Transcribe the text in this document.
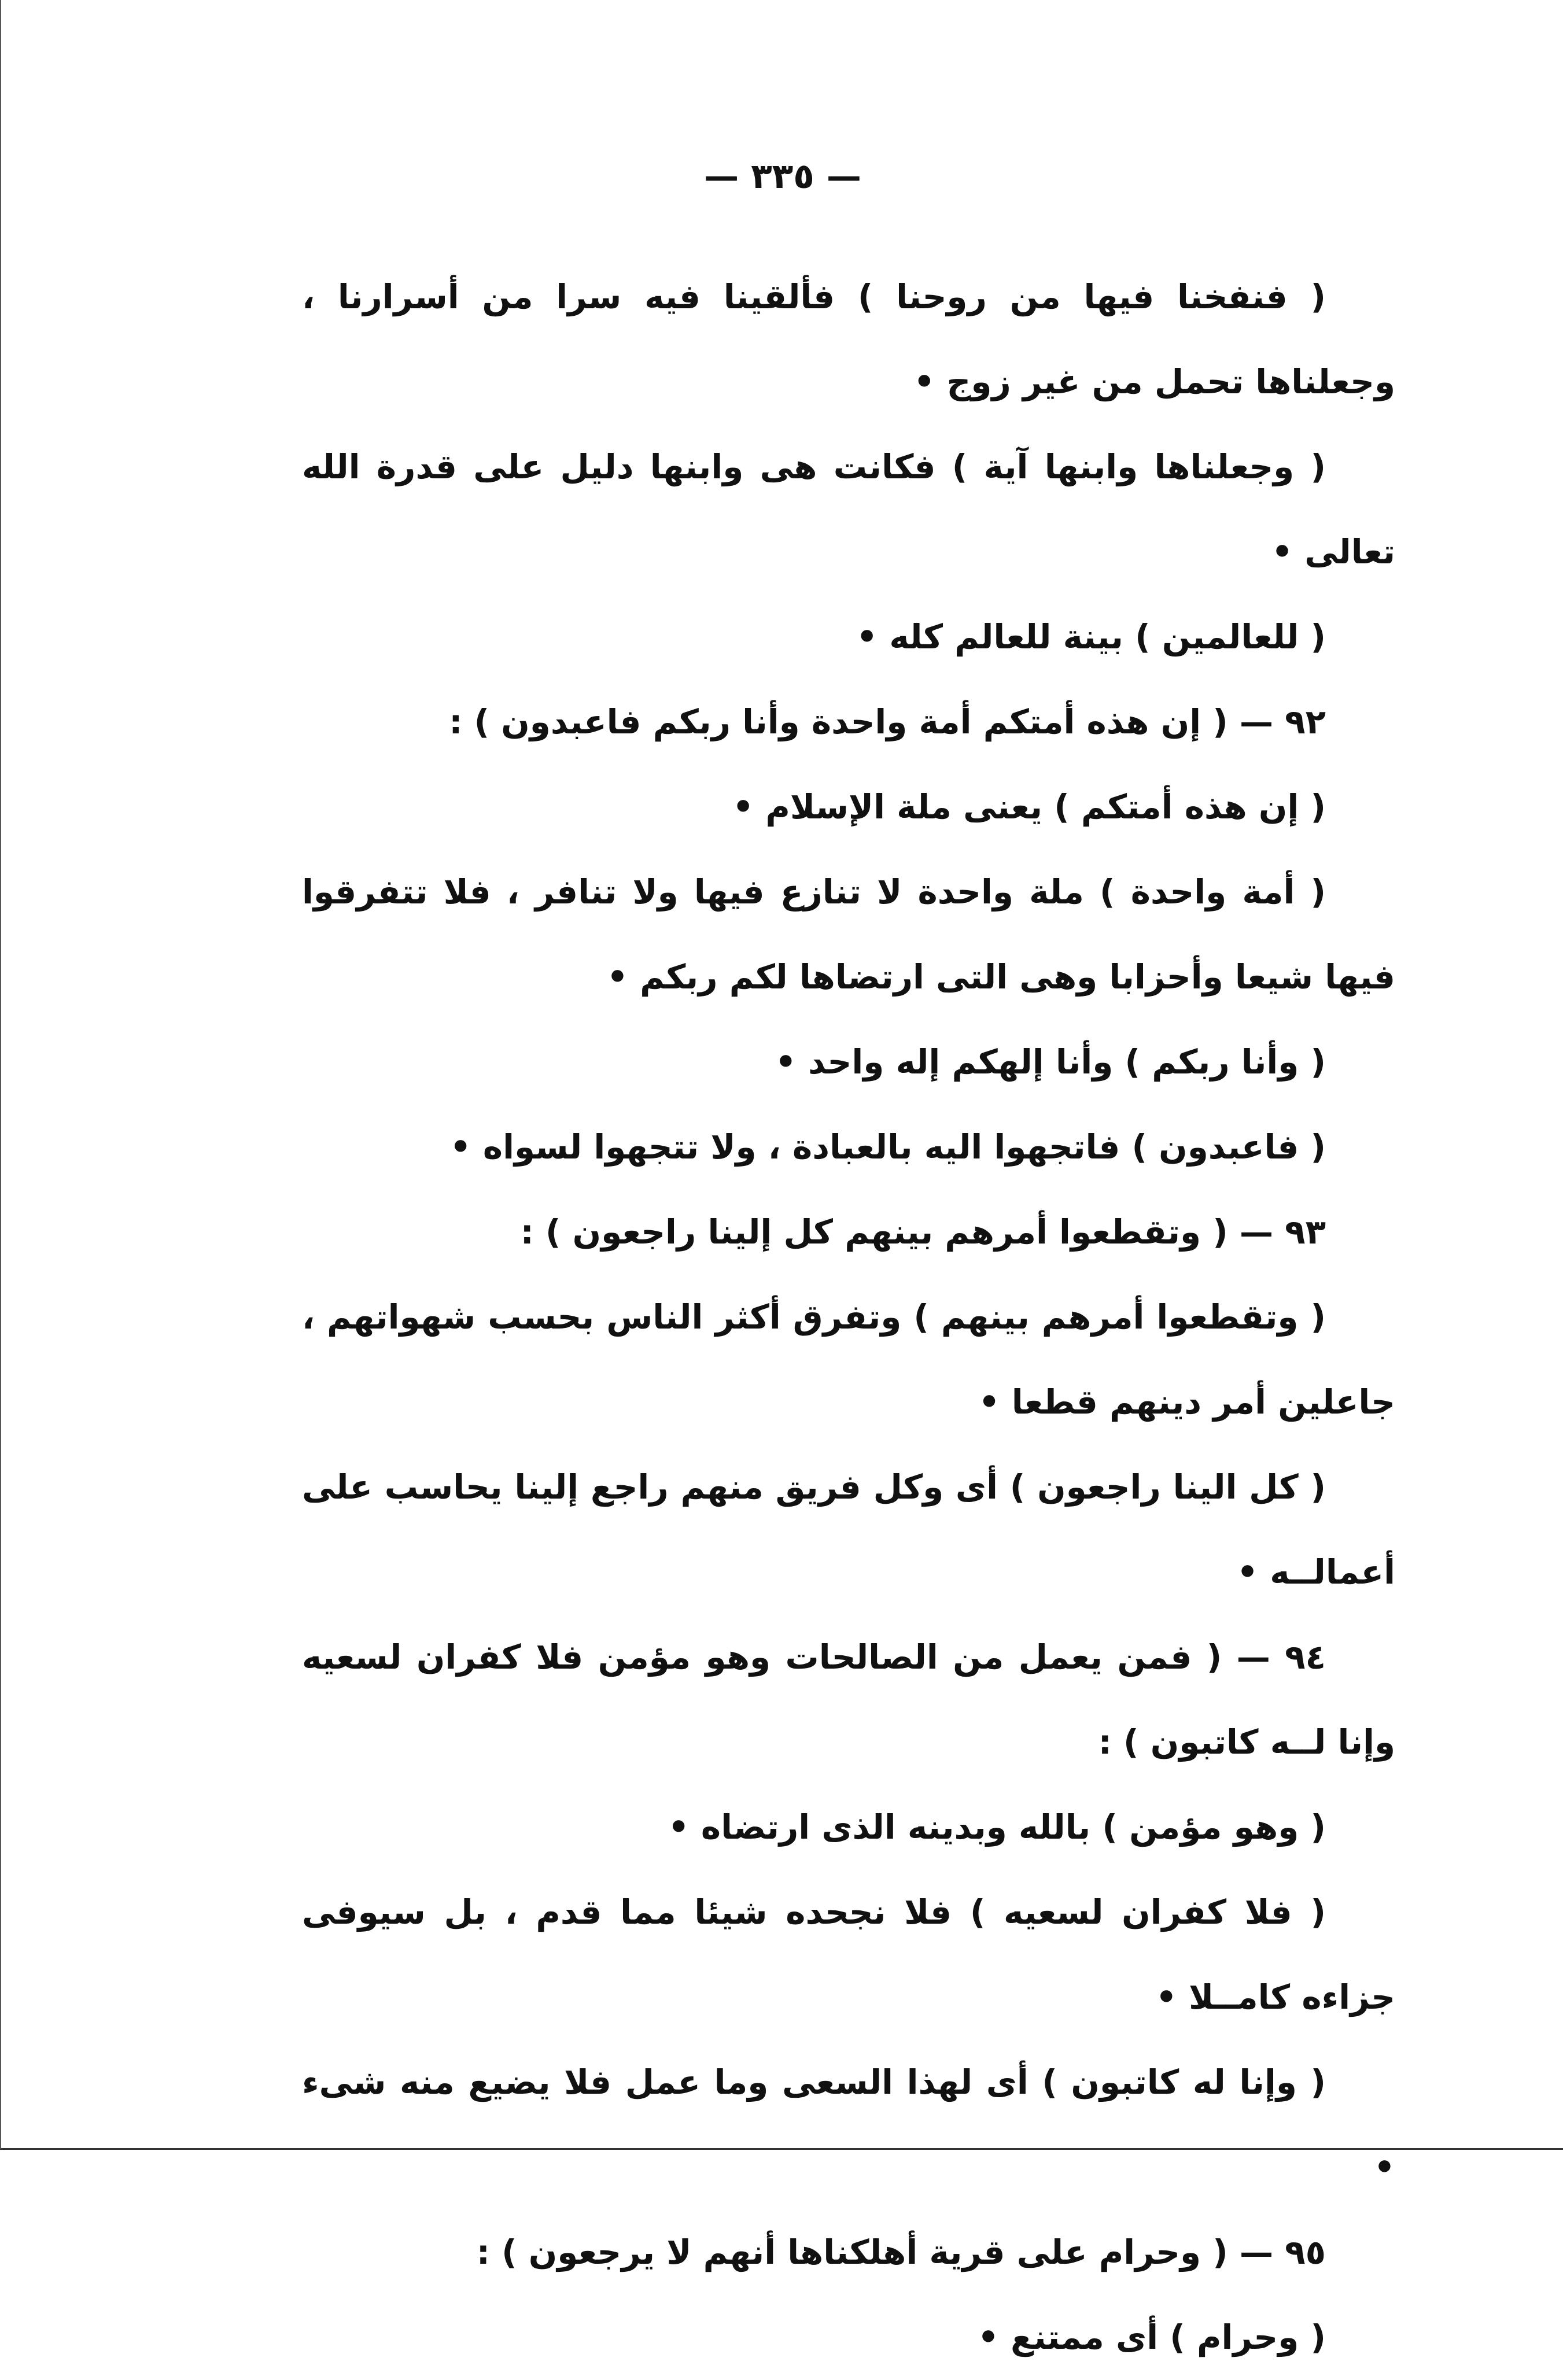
— ٣٣٥ —

( فنفخنا فيها من روحنا ) فألقينا فيه سرا من أسرارنا ، وجعلناها تحمل من غير زوج •

( وجعلناها وابنها آية ) فكانت هى وابنها دليل على قدرة الله تعالى •

( للعالمين ) بينة للعالم كله •

٩٢ — ( إن هذه أمتكم أمة واحدة وأنا ربكم فاعبدون ) :

( إن هذه أمتكم ) يعنى ملة الإسلام •

( أمة واحدة ) ملة واحدة لا تنازع فيها ولا تنافر ، فلا تتفرقوا فيها شيعا وأحزابا وهى التى ارتضاها لكم ربكم •

( وأنا ربكم ) وأنا إلهكم إله واحد •

( فاعبدون ) فاتجهوا اليه بالعبادة ، ولا تتجهوا لسواه •

٩٣ — ( وتقطعوا أمرهم بينهم كل إلينا راجعون ) :

( وتقطعوا أمرهم بينهم ) وتفرق أكثر الناس بحسب شهواتهم ، جاعلين أمر دينهم قطعا •

( كل الينا راجعون ) أى وكل فريق منهم راجع إلينا يحاسب على أعمالــه •

٩٤ — ( فمن يعمل من الصالحات وهو مؤمن فلا كفران لسعيه وإنا لــه كاتبون ) :

( وهو مؤمن ) بالله وبدينه الذى ارتضاه •

( فلا كفران لسعيه ) فلا نجحده شيئا مما قدم ، بل سيوفى جزاءه كامــلا •

( وإنا له كاتبون ) أى لهذا السعى وما عمل فلا يضيع منه شىء •

٩٥ — ( وحرام على قرية أهلكناها أنهم لا يرجعون ) :

( وحرام ) أى ممتنع •
